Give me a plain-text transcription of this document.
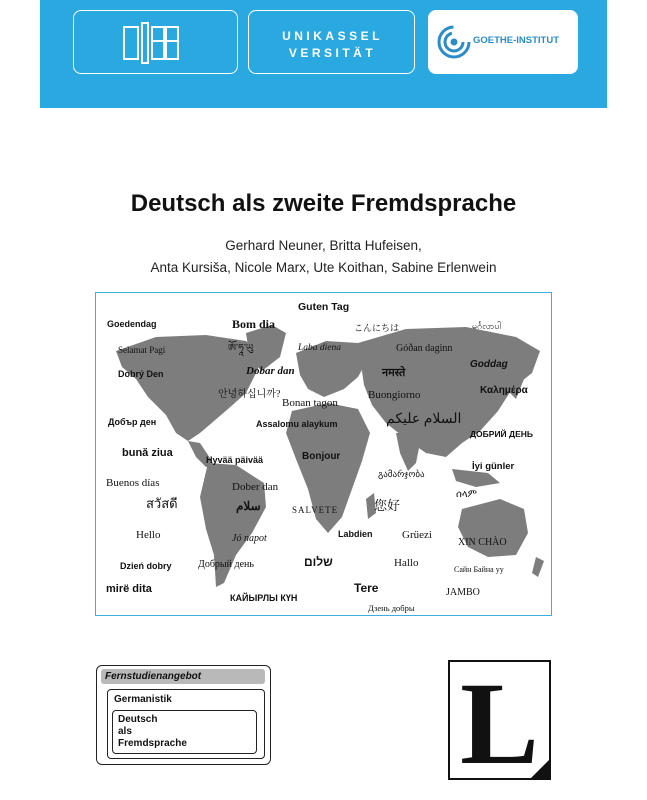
UNIKASSEL
VERSITÄT
GOETHE-INSTITUT
Deutsch als zweite Fremdsprache
Gerhard Neuner, Britta Hufeisen,
Anta Kursiša, Nicole Marx, Ute Koithan, Sabine Erlenwein
Guten Tag
Goedendag	Bom dia	こんにちは	မင်္ဂလာပါ
Selamat Pagi	ཨོ་ཧཱ་ཡུ	Laba diena	Góðan daginn
Goddag
Dobrý Den	Dobar dan	नमस्ते
Καλημέρα
안녕하십니까?
Bonan tagon
Buongiorno
Добър ден	Assalomu alaykum	السلام عليكم
KIA ORA	ДОБРИЙ ДЕНЬ
bună ziua
Hyvää päivää	Bonjour
გამარჯობა
İyi günler
Buenos días	Dober dan
สวัสดี	سلام	您好
ሰላም
SALVETE
Hello	Jó napot	Labdien	Grüezi
XIN CHÀO
Dzień dobry	Добрый день	שלום	Hallo
Сайн Байна уу
mirë dita	Tere	JAMBO
КАЙЫРЛЫ КҮН
Дзень добры
Fernstudienangebot
Germanistik
Deutsch
als
Fremdsprache	L
